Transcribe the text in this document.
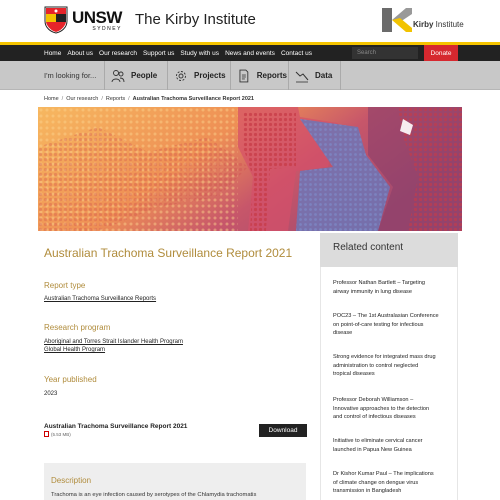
UNSW
SYDNEY
The Kirby Institute	Kirby Institute
Home About us Our research Support us Study with us News and events Contact us	Search	Donate
I'm looking for...	People	Projects	Reports	Data
Home / Our research / Reports / Australian Trachoma Surveillance Report 2021
Australian Trachoma Surveillance Report 2021
Report type
Australian Trachoma Surveillance Reports
Research program
Aboriginal and Torres Strait Islander Health Program
Global Health Program
Year published
2023
Australian Trachoma Surveillance Report 2021
(5.53 MB)	Download
Description
Trachoma is an eye infection caused by serotypes of the Chlamydia trachomatis
Related content
Professor Nathan Bartlett – Targeting
airway immunity in lung disease
POC23 – The 1st Australasian Conference
on point-of-care testing for infectious
disease
Strong evidence for integrated mass drug
administration to control neglected
tropical diseases
Professor Deborah Williamson –
Innovative approaches to the detection
and control of infectious diseases
Initiative to eliminate cervical cancer
launched in Papua New Guinea
Dr Kishor Kumar Paul – The implications
of climate change on dengue virus
transmission in Bangladesh
